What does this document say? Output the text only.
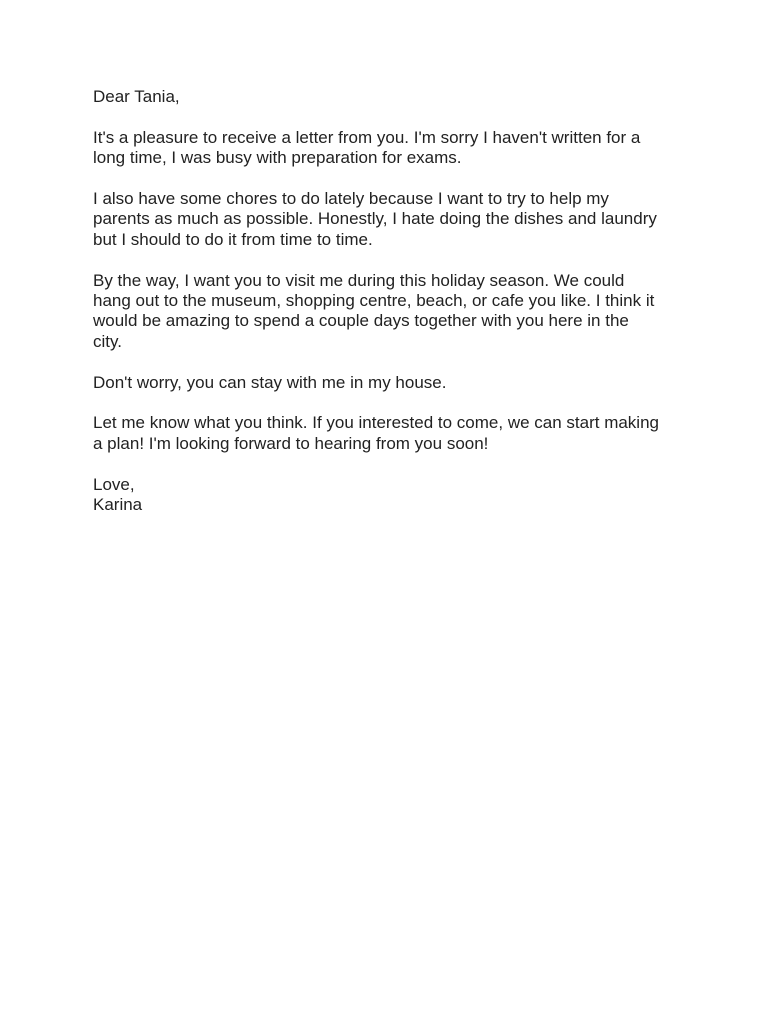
Dear Tania,

It's a pleasure to receive a letter from you. I'm sorry I haven't written for a
long time, I was busy with preparation for exams.

I also have some chores to do lately because I want to try to help my
parents as much as possible. Honestly, I hate doing the dishes and laundry
but I should to do it from time to time.

By the way, I want you to visit me during this holiday season. We could
hang out to the museum, shopping centre, beach, or cafe you like. I think it
would be amazing to spend a couple days together with you here in the
city.

Don't worry, you can stay with me in my house.

Let me know what you think. If you interested to come, we can start making
a plan! I'm looking forward to hearing from you soon!

Love,
Karina
